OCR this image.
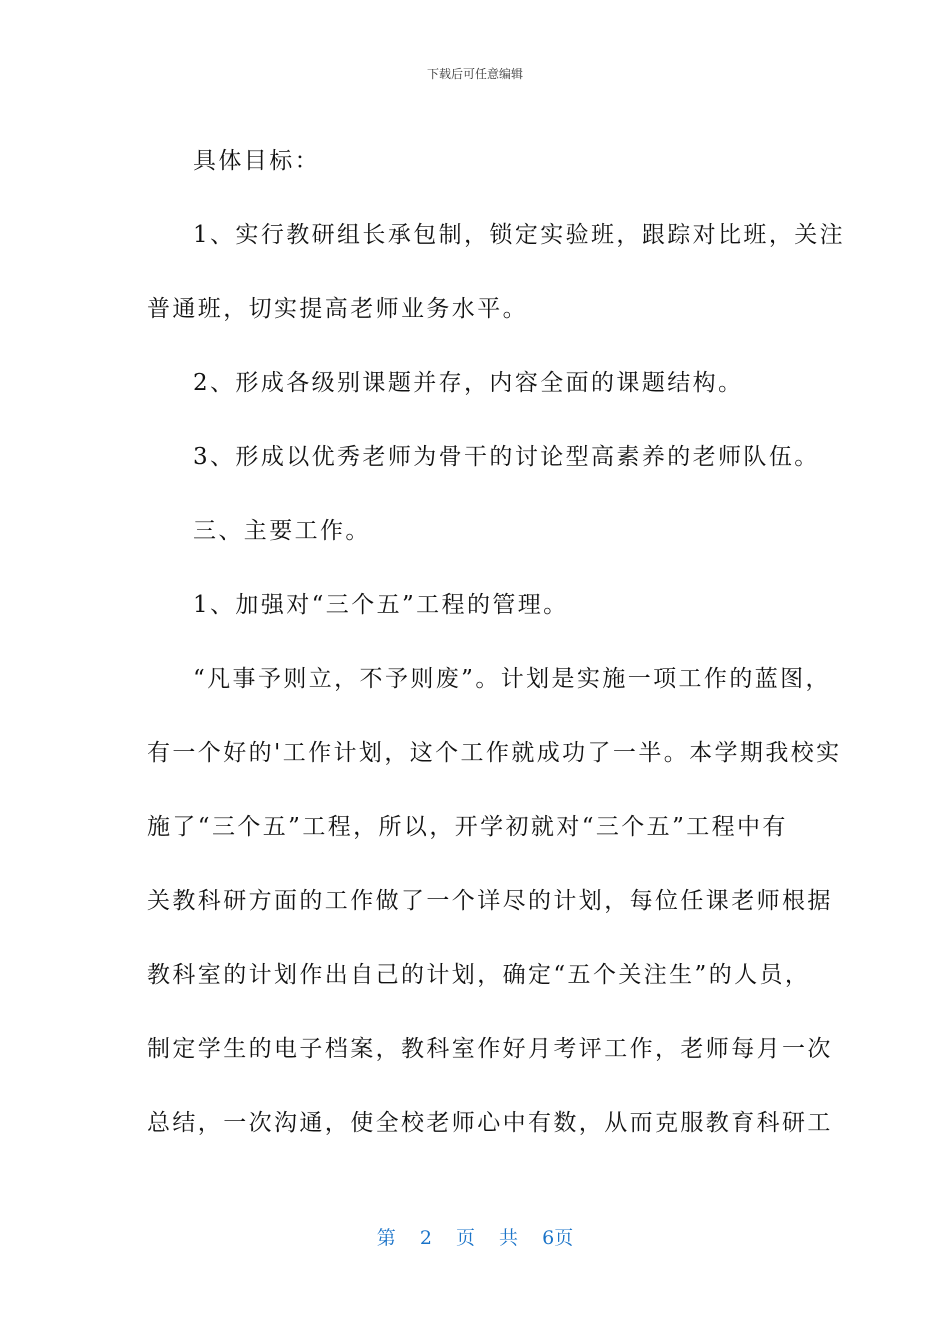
下载后可任意编辑
具体目标：
1、实行教研组长承包制，锁定实验班，跟踪对比班，关注
普通班，切实提高老师业务水平。
2、形成各级别课题并存，内容全面的课题结构。
3、形成以优秀老师为骨干的讨论型高素养的老师队伍。
三、主要工作。
1、加强对“三个五”工程的管理。
“凡事予则立，不予则废”。计划是实施一项工作的蓝图，
有一个好的'工作计划，这个工作就成功了一半。本学期我校实
施了“三个五”工程，所以，开学初就对“三个五”工程中有
关教科研方面的工作做了一个详尽的计划，每位任课老师根据
教科室的计划作出自己的计划，确定“五个关注生”的人员，
制定学生的电子档案，教科室作好月考评工作，老师每月一次
总结，一次沟通，使全校老师心中有数，从而克服教育科研工
第 2 页 共 6页
